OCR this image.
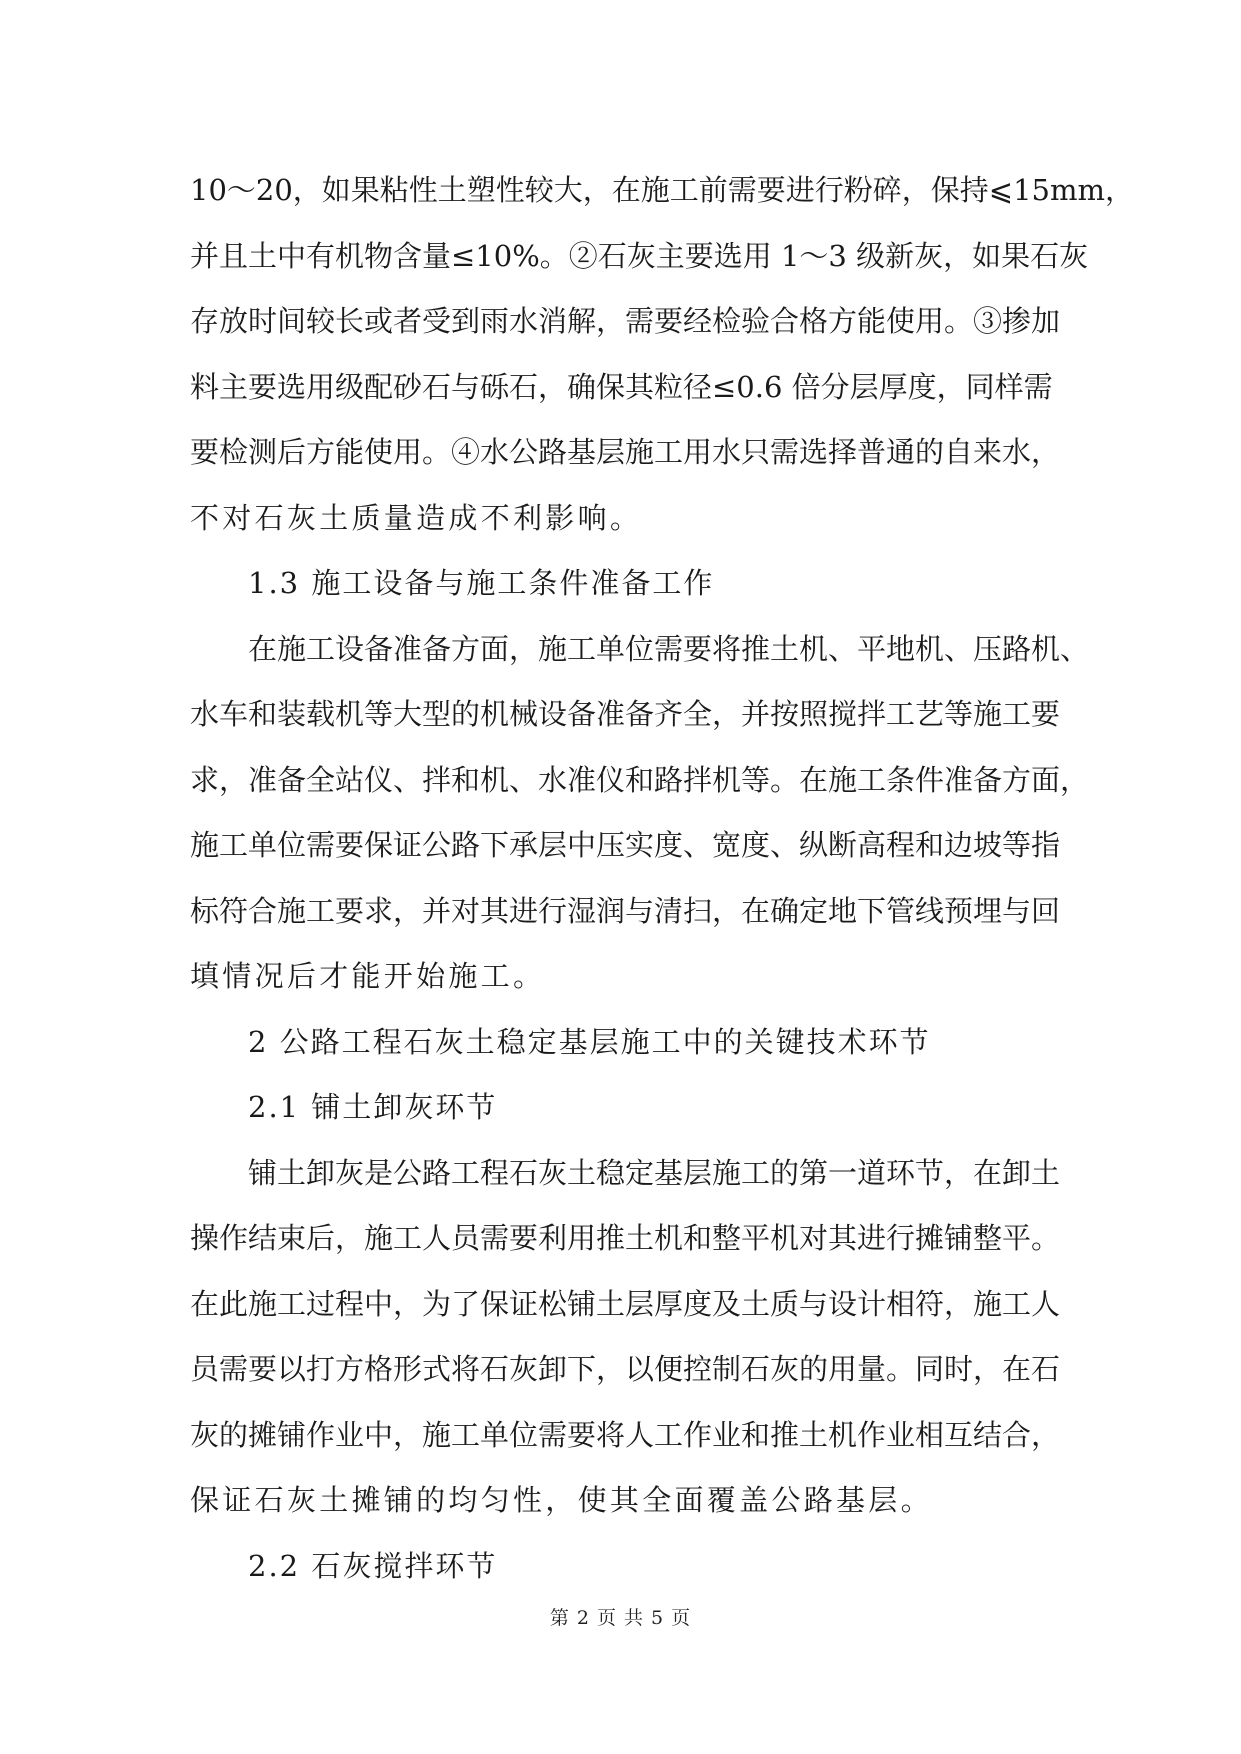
10～20，如果粘性土塑性较大，在施工前需要进行粉碎，保持⩽15mm，
并且土中有机物含量≤10%。②石灰主要选用 1～3 级新灰，如果石灰
存放时间较长或者受到雨水消解，需要经检验合格方能使用。③掺加
料主要选用级配砂石与砾石，确保其粒径≤0.6 倍分层厚度，同样需
要检测后方能使用。④水公路基层施工用水只需选择普通的自来水，
不对石灰土质量造成不利影响。
1.3 施工设备与施工条件准备工作
在施工设备准备方面，施工单位需要将推土机、平地机、压路机、
水车和装载机等大型的机械设备准备齐全，并按照搅拌工艺等施工要
求，准备全站仪、拌和机、水准仪和路拌机等。在施工条件准备方面，
施工单位需要保证公路下承层中压实度、宽度、纵断高程和边坡等指
标符合施工要求，并对其进行湿润与清扫，在确定地下管线预埋与回
填情况后才能开始施工。
2 公路工程石灰土稳定基层施工中的关键技术环节
2.1 铺土卸灰环节
铺土卸灰是公路工程石灰土稳定基层施工的第一道环节，在卸土
操作结束后，施工人员需要利用推土机和整平机对其进行摊铺整平。
在此施工过程中，为了保证松铺土层厚度及土质与设计相符，施工人
员需要以打方格形式将石灰卸下，以便控制石灰的用量。同时，在石
灰的摊铺作业中，施工单位需要将人工作业和推土机作业相互结合，
保证石灰土摊铺的均匀性，使其全面覆盖公路基层。
2.2 石灰搅拌环节
第 2 页 共 5 页
